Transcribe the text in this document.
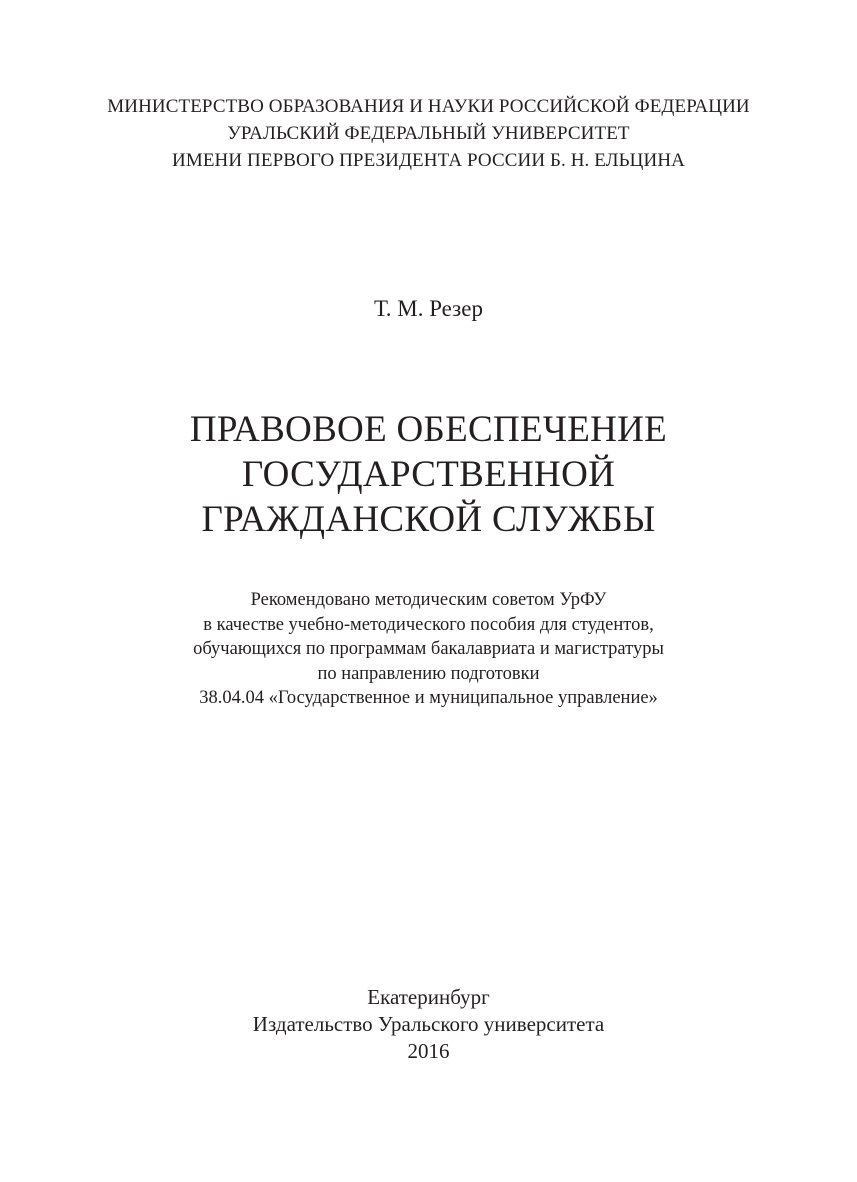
МИНИСТЕРСТВО ОБРАЗОВАНИЯ И НАУКИ РОССИЙСКОЙ ФЕДЕРАЦИИ
УРАЛЬСКИЙ ФЕДЕРАЛЬНЫЙ УНИВЕРСИТЕТ
ИМЕНИ ПЕРВОГО ПРЕЗИДЕНТА РОССИИ Б. Н. ЕЛЬЦИНА
Т. М. Резер
ПРАВОВОЕ ОБЕСПЕЧЕНИЕ
ГОСУДАРСТВЕННОЙ
ГРАЖДАНСКОЙ СЛУЖБЫ
Рекомендовано методическим советом УрФУ
в качестве учебно-методического пособия для студентов,
обучающихся по программам бакалавриата и магистратуры
по направлению подготовки
38.04.04 «Государственное и муниципальное управление»
Екатеринбург
Издательство Уральского университета
2016
